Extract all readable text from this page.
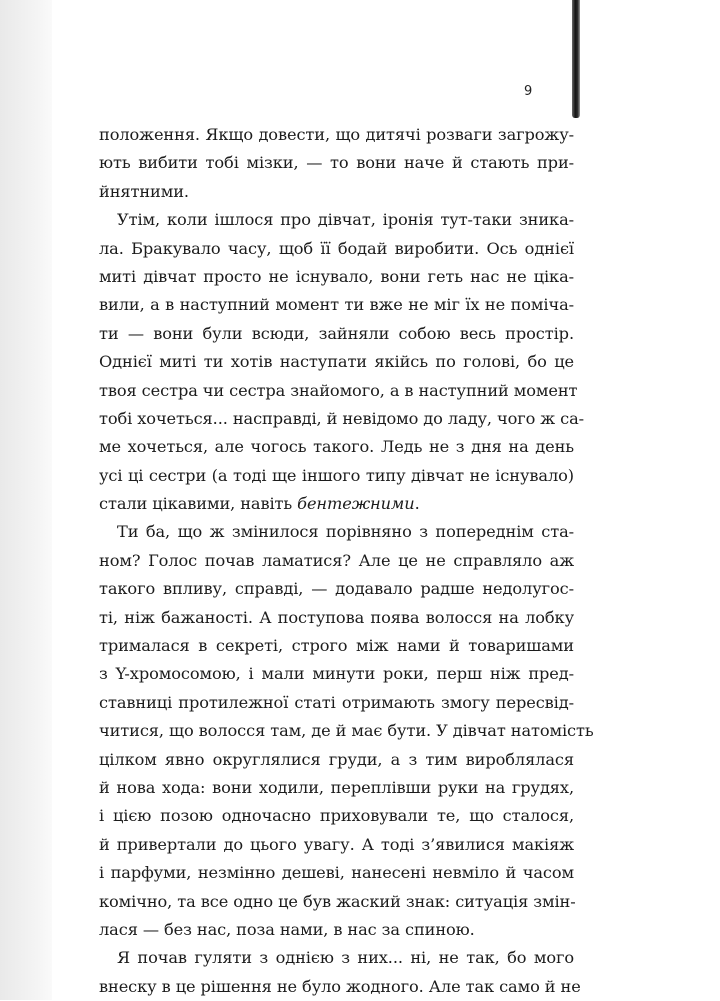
9
положення. Якщо довести, що дитячі розваги загрожу-
ють вибити тобі мізки, — то вони наче й стають при-
йнятними.
Утім, коли ішлося про дівчат, іронія тут-таки зника-
ла. Бракувало часу, щоб її бодай виробити. Ось однієї
миті дівчат просто не існувало, вони геть нас не ціка-
вили, а в наступний момент ти вже не міг їх не поміча-
ти — вони були всюди, зайняли собою весь простір.
Однієї миті ти хотів наступати якійсь по голові, бо це
твоя сестра чи сестра знайомого, а в наступний момент
тобі хочеться... насправді, й невідомо до ладу, чого ж са-
ме хочеться, але чогось такого. Ледь не з дня на день
усі ці сестри (а тоді ще іншого типу дівчат не існувало)
стали цікавими, навіть бентежними.
Ти ба, що ж змінилося порівняно з попереднім ста-
ном? Голос почав ламатися? Але це не справляло аж
такого впливу, справді, — додавало радше недолугос-
ті, ніж бажаності. А поступова поява волосся на лобку
трималася в секреті, строго між нами й товаришами
з Y-хромосомою, і мали минути роки, перш ніж пред-
ставниці протилежної статі отримають змогу пересвід-
читися, що волосся там, де й має бути. У дівчат натомість
цілком явно округлялися груди, а з тим вироблялася
й нова хода: вони ходили, переплівши руки на грудях,
і цією позою одночасно приховували те, що сталося,
й привертали до цього увагу. А тоді з’явилися макіяж
і парфуми, незмінно дешеві, нанесені невміло й часом
комічно, та все одно це був жаский знак: ситуація змін-
лася — без нас, поза нами, в нас за спиною.
Я почав гуляти з однією з них... ні, не так, бо мого
внеску в це рішення не було жодного. Але так само й не
